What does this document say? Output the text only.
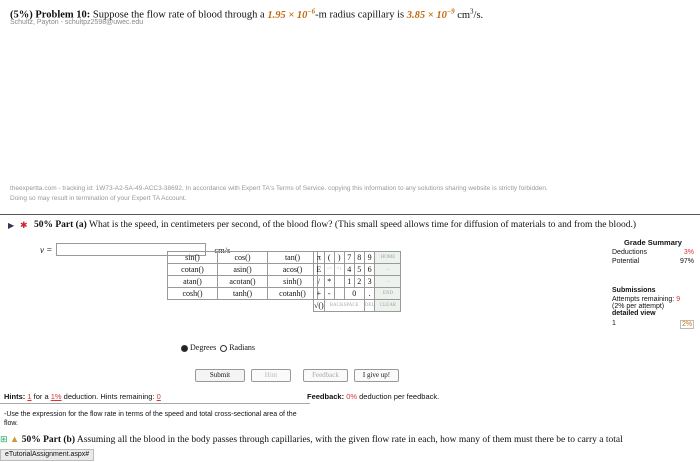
(5%) Problem 10: Suppose the flow rate of blood through a $1.95 \times 10^{-6}-m$ radius capillary is $3.85 \times 10^{-9}$ $cm^3/s$.
Schultz, Payton - schultpz2598@uwec.edu
theexpertta.com - tracking id: 1W73-A2-5A-49-ACC3-38692. In accordance with Expert TA's Terms of Service. copying this information to any solutions sharing website is strictly forbidden.
Doing so may result in termination of your Expert TA Account.
▶ ✱ 50% Part (a) What is the speed, in centimeters per second, of the blood flow? (This small speed allows time for diffusion of materials to and from the blood.)
Grade Summary
Deductions	3%
Potential	97%
Submissions
Attempts remaining: 9
(2% per attempt)
detailed view
1	2%
v =	cm/s
sin()	cos()	tan()
cotan()	asin()	acos()
atan()	acotan()	sinh()
cosh()	tanh()	cotanh()
Degrees Radians
π	(	)	7	8	9	HOME
E	↑^	^↓	4	5	6	←
/	*		1	2	3	→
+	-		0		.	END
√()	BACKSPACE				DEL	CLEAR
Submit	Hint	Feedback	I give up!
Hints: 1 for a 1% deduction. Hints remaining: 0	Feedback: 0% deduction per feedback.
-Use the expression for the flow rate in terms of the speed and total cross-sectional area of the flow.
⊞ ▲ 50% Part (b) Assuming all the blood in the body passes through capillaries, with the given flow rate in each, how many of them must there be to carry a total
eTutorialAssignment.aspx#
